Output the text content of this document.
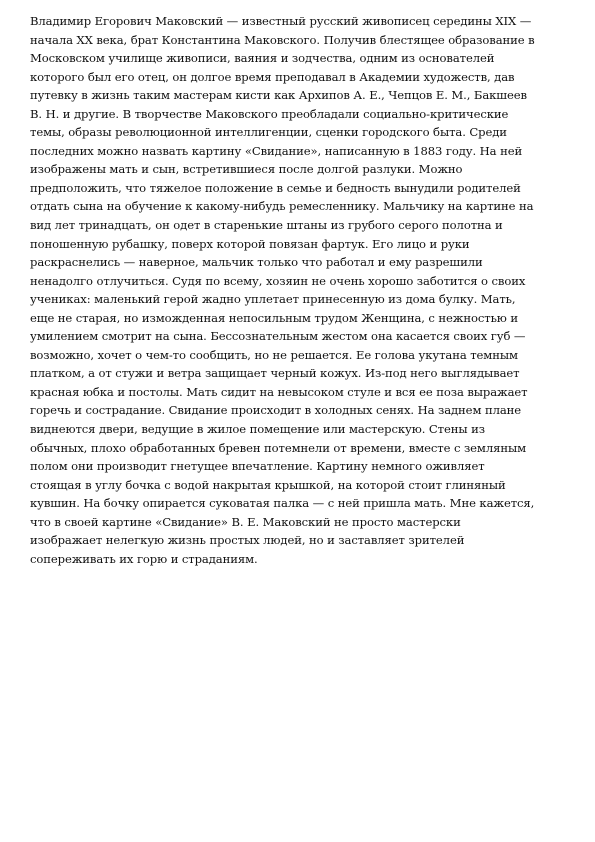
Владимир Егорович Маковский — известный русский живописец середины XIX —
начала XX века, брат Константина Маковского. Получив блестящее образование в
Московском училище живописи, ваяния и зодчества, одним из основателей
которого был его отец, он долгое время преподавал в Академии художеств, дав
путевку в жизнь таким мастерам кисти как Архипов А. Е., Чепцов Е. М., Бакшеев
В. Н. и другие. В творчестве Маковского преобладали социально-критические
темы, образы революционной интеллигенции, сценки городского быта. Среди
последних можно назвать картину «Свидание», написанную в 1883 году. На ней
изображены мать и сын, встретившиеся после долгой разлуки. Можно
предположить, что тяжелое положение в семье и бедность вынудили родителей
отдать сына на обучение к какому-нибудь ремесленнику. Мальчику на картине на
вид лет тринадцать, он одет в старенькие штаны из грубого серого полотна и
поношенную рубашку, поверх которой повязан фартук. Его лицо и руки
раскраснелись — наверное, мальчик только что работал и ему разрешили
ненадолго отлучиться. Судя по всему, хозяин не очень хорошо заботится о своих
учениках: маленький герой жадно уплетает принесенную из дома булку. Мать,
еще не старая, но изможденная непосильным трудом Женщина, с нежностью и
умилением смотрит на сына. Бессознательным жестом она касается своих губ —
возможно, хочет о чем-то сообщить, но не решается. Ее голова укутана темным
платком, а от стужи и ветра защищает черный кожух. Из-под него выглядывает
красная юбка и постолы. Мать сидит на невысоком стуле и вся ее поза выражает
горечь и сострадание. Свидание происходит в холодных сенях. На заднем плане
виднеются двери, ведущие в жилое помещение или мастерскую. Стены из
обычных, плохо обработанных бревен потемнели от времени, вместе с земляным
полом они производит гнетущее впечатление. Картину немного оживляет
стоящая в углу бочка с водой накрытая крышкой, на которой стоит глиняный
кувшин. На бочку опирается суковатая палка — с ней пришла мать. Мне кажется,
что в своей картине «Свидание» В. Е. Маковский не просто мастерски
изображает нелегкую жизнь простых людей, но и заставляет зрителей
сопереживать их горю и страданиям.
